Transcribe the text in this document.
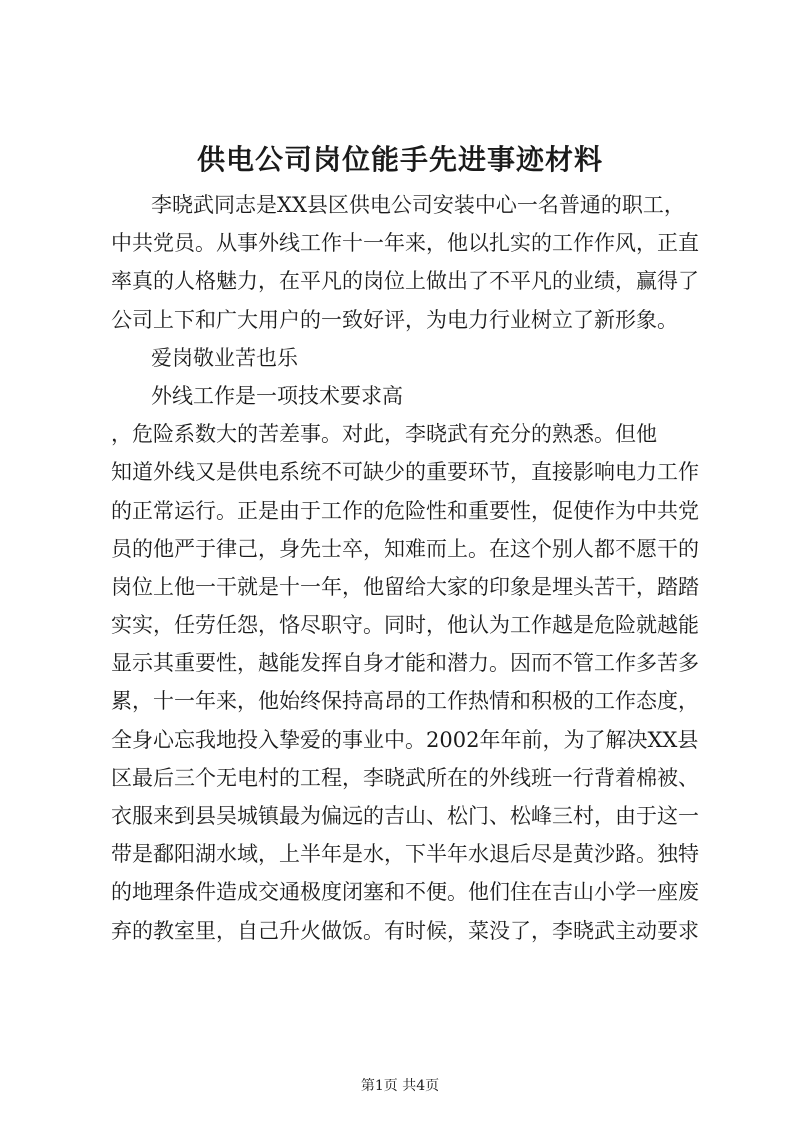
供电公司岗位能手先进事迹材料
李晓武同志是XX县区供电公司安装中心一名普通的职工，
中共党员。从事外线工作十一年来，他以扎实的工作作风，正直
率真的人格魅力，在平凡的岗位上做出了不平凡的业绩，赢得了
公司上下和广大用户的一致好评，为电力行业树立了新形象。
爱岗敬业苦也乐
外线工作是一项技术要求高
，危险系数大的苦差事。对此，李晓武有充分的熟悉。但他
知道外线又是供电系统不可缺少的重要环节，直接影响电力工作
的正常运行。正是由于工作的危险性和重要性，促使作为中共党
员的他严于律己，身先士卒，知难而上。在这个别人都不愿干的
岗位上他一干就是十一年，他留给大家的印象是埋头苦干，踏踏
实实，任劳任怨，恪尽职守。同时，他认为工作越是危险就越能
显示其重要性，越能发挥自身才能和潜力。因而不管工作多苦多
累，十一年来，他始终保持高昂的工作热情和积极的工作态度，
全身心忘我地投入挚爱的事业中。2002年年前，为了解决XX县
区最后三个无电村的工程，李晓武所在的外线班一行背着棉被、
衣服来到县吴城镇最为偏远的吉山、松门、松峰三村，由于这一
带是鄱阳湖水域，上半年是水，下半年水退后尽是黄沙路。独特
的地理条件造成交通极度闭塞和不便。他们住在吉山小学一座废
弃的教室里，自己升火做饭。有时候，菜没了，李晓武主动要求
第1页 共4页
